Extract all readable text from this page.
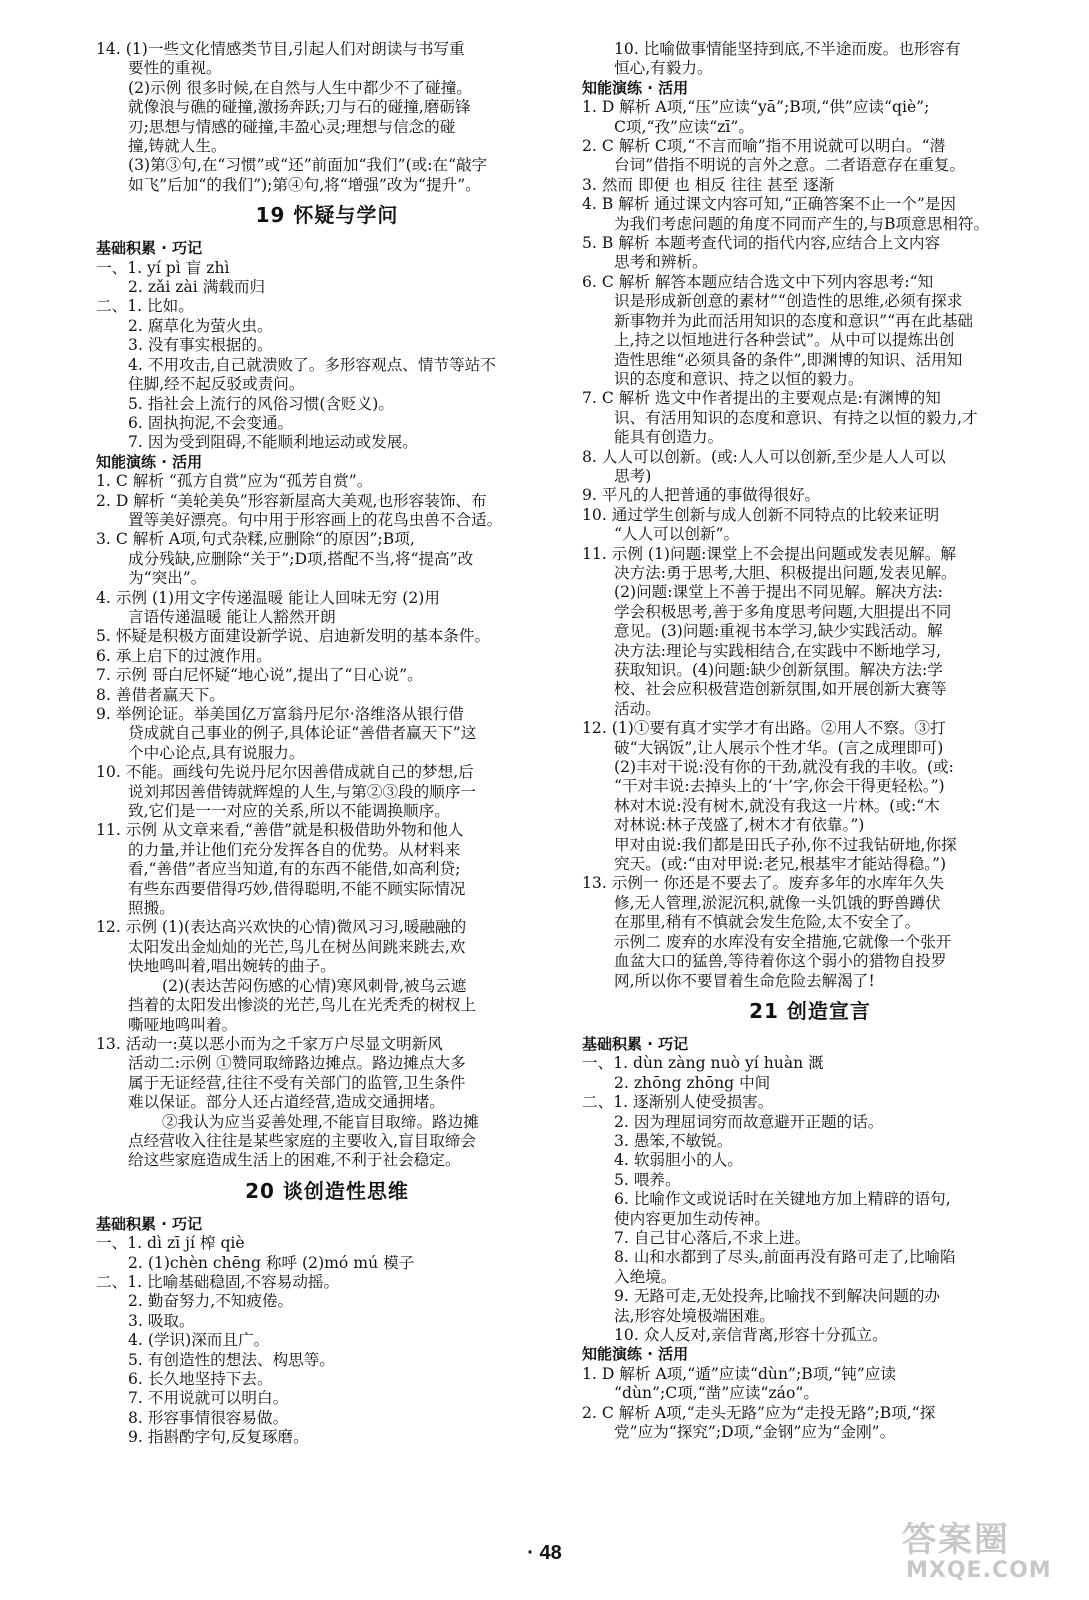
14. (1)一些文化情感类节目,引起人们对朗读与书写重
要性的重视。
(2)示例 很多时候,在自然与人生中都少不了碰撞。
就像浪与礁的碰撞,激扬奔跃;刀与石的碰撞,磨砺锋
刃;思想与情感的碰撞,丰盈心灵;理想与信念的碰
撞,铸就人生。
(3)第③句,在“习惯”或“还”前面加“我们”(或:在“敲字
如飞”后加“的我们”);第④句,将“增强”改为“提升”。
19 怀疑与学问
基础积累 · 巧记
一、1. yí pì 盲 zhì
2. zǎi zài 满载而归
二、1. 比如。
2. 腐草化为萤火虫。
3. 没有事实根据的。
4. 不用攻击,自己就溃败了。多形容观点、情节等站不
住脚,经不起反驳或责问。
5. 指社会上流行的风俗习惯(含贬义)。
6. 固执拘泥,不会变通。
7. 因为受到阻碍,不能顺利地运动或发展。
知能演练 · 活用
1. C 解析 “孤方自赏”应为“孤芳自赏”。
2. D 解析 “美轮美奂”形容新屋高大美观,也形容装饰、布
置等美好漂亮。句中用于形容画上的花鸟虫兽不合适。
3. C 解析 A项,句式杂糅,应删除“的原因”;B项,
成分残缺,应删除“关于”;D项,搭配不当,将“提高”改
为“突出”。
4. 示例 (1)用文字传递温暖 能让人回味无穷 (2)用
言语传递温暖 能让人豁然开朗
5. 怀疑是积极方面建设新学说、启迪新发明的基本条件。
6. 承上启下的过渡作用。
7. 示例 哥白尼怀疑“地心说”,提出了“日心说”。
8. 善借者赢天下。
9. 举例论证。举美国亿万富翁丹尼尔·洛维洛从银行借
贷成就自己事业的例子,具体论证“善借者赢天下”这
个中心论点,具有说服力。
10. 不能。画线句先说丹尼尔因善借成就自己的梦想,后
说刘邦因善借铸就辉煌的人生,与第②③段的顺序一
致,它们是一一对应的关系,所以不能调换顺序。
11. 示例 从文章来看,“善借”就是积极借助外物和他人
的力量,并让他们充分发挥各自的优势。从材料来
看,“善借”者应当知道,有的东西不能借,如高利贷;
有些东西要借得巧妙,借得聪明,不能不顾实际情况
照搬。
12. 示例 (1)(表达高兴欢快的心情)微风习习,暖融融的
太阳发出金灿灿的光芒,鸟儿在树丛间跳来跳去,欢
快地鸣叫着,唱出婉转的曲子。
(2)(表达苦闷伤感的心情)寒风刺骨,被乌云遮
挡着的太阳发出惨淡的光芒,鸟儿在光秃秃的树杈上
嘶哑地鸣叫着。
13. 活动一:莫以恶小而为之千家万户尽显文明新风
活动二:示例 ①赞同取缔路边摊点。路边摊点大多
属于无证经营,往往不受有关部门的监管,卫生条件
难以保证。部分人还占道经营,造成交通拥堵。
②我认为应当妥善处理,不能盲目取缔。路边摊
点经营收入往往是某些家庭的主要收入,盲目取缔会
给这些家庭造成生活上的困难,不利于社会稳定。
20 谈创造性思维
基础积累 · 巧记
一、1. dì zī jí 榨 qiè
2. (1)chèn chēng 称呼 (2)mó mú 模子
二、1. 比喻基础稳固,不容易动摇。
2. 勤奋努力,不知疲倦。
3. 吸取。
4. (学识)深而且广。
5. 有创造性的想法、构思等。
6. 长久地坚持下去。
7. 不用说就可以明白。
8. 形容事情很容易做。
9. 指斟酌字句,反复琢磨。
10. 比喻做事情能坚持到底,不半途而废。也形容有
恒心,有毅力。
知能演练 · 活用
1. D 解析 A项,“压”应读“yā”;B项,“供”应读“qiè”;
C项,“孜”应读“zī”。
2. C 解析 C项,“不言而喻”指不用说就可以明白。“潜
台词”借指不明说的言外之意。二者语意存在重复。
3. 然而 即便 也 相反 往往 甚至 逐渐
4. B 解析 通过课文内容可知,“正确答案不止一个”是因
为我们考虑问题的角度不同而产生的,与B项意思相符。
5. B 解析 本题考查代词的指代内容,应结合上文内容
思考和辨析。
6. C 解析 解答本题应结合选文中下列内容思考:“知
识是形成新创意的素材”“创造性的思维,必须有探求
新事物并为此而活用知识的态度和意识”“再在此基础
上,持之以恒地进行各种尝试”。从中可以提炼出创
造性思维“必须具备的条件”,即渊博的知识、活用知
识的态度和意识、持之以恒的毅力。
7. C 解析 选文中作者提出的主要观点是:有渊博的知
识、有活用知识的态度和意识、有持之以恒的毅力,才
能具有创造力。
8. 人人可以创新。(或:人人可以创新,至少是人人可以
思考)
9. 平凡的人把普通的事做得很好。
10. 通过学生创新与成人创新不同特点的比较来证明
“人人可以创新”。
11. 示例 (1)问题:课堂上不会提出问题或发表见解。解
决方法:勇于思考,大胆、积极提出问题,发表见解。
(2)问题:课堂上不善于提出不同见解。解决方法:
学会积极思考,善于多角度思考问题,大胆提出不同
意见。(3)问题:重视书本学习,缺少实践活动。解
决方法:理论与实践相结合,在实践中不断地学习,
获取知识。(4)问题:缺少创新氛围。解决方法:学
校、社会应积极营造创新氛围,如开展创新大赛等
活动。
12. (1)①要有真才实学才有出路。②用人不察。③打
破“大锅饭”,让人展示个性才华。(言之成理即可)
(2)丰对干说:没有你的干劲,就没有我的丰收。(或:
“干对丰说:去掉头上的‘十’字,你会干得更轻松。”)
林对木说:没有树木,就没有我这一片林。(或:“木
对林说:林子茂盛了,树木才有依靠。”)
甲对由说:我们都是田氏子孙,你不过我钻研地,你探
究天。(或:“由对甲说:老兄,根基牢才能站得稳。”)
13. 示例一 你还是不要去了。废弃多年的水库年久失
修,无人管理,淤泥沉积,就像一头饥饿的野兽蹲伏
在那里,稍有不慎就会发生危险,太不安全了。
示例二 废弃的水库没有安全措施,它就像一个张开
血盆大口的猛兽,等待着你这个弱小的猎物自投罗
网,所以你不要冒着生命危险去解渴了!
21 创造宣言
基础积累 · 巧记
一、1. dùn zàng nuò yí huàn 溉
2. zhōng zhōng 中间
二、1. 逐渐别人使受损害。
2. 因为理屈词穷而故意避开正题的话。
3. 愚笨,不敏锐。
4. 软弱胆小的人。
5. 喂养。
6. 比喻作文或说话时在关键地方加上精辟的语句,
使内容更加生动传神。
7. 自己甘心落后,不求上进。
8. 山和水都到了尽头,前面再没有路可走了,比喻陷
入绝境。
9. 无路可走,无处投奔,比喻找不到解决问题的办
法,形容处境极端困难。
10. 众人反对,亲信背离,形容十分孤立。
知能演练 · 活用
1. D 解析 A项,“遁”应读“dùn”;B项,“钝”应读
“dùn”;C项,“凿”应读“záo”。
2. C 解析 A项,“走头无路”应为“走投无路”;B项,“探
党”应为“探究”;D项,“金钢”应为“金刚”。
· 48	答案圈
MXQE.COM
